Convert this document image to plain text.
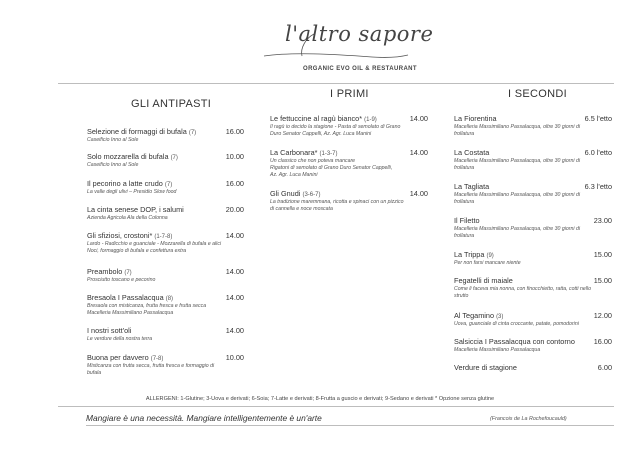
l'altro sapore
ORGANIC EVO OIL & RESTAURANT
GLI ANTIPASTI
I PRIMI	I SECONDI
Selezione di formaggi di bufala (7)	16.00
Caseificio Inno al Sole
Solo mozzarella di bufala (7)	10.00
Caseificio Inno al Sole
Il pecorino a latte crudo (7)	16.00
La valle degli ulivi – Presidio Slow food
La cinta senese DOP, i salumi	20.00
Azienda Agricola Ala della Colonna
Gli sfiziosi, crostoni* (1-7-8)	14.00
Lardo - Radicchio e guanciale - Mozzarella di bufala e alici
Noci, formaggio di bufala e confettura extra
Preambolo (7)	14.00
Prosciutto toscano e pecorino
Bresaola I Passalacqua (8)	14.00
Bresaola con misticanza, frutta fresca e frutta secca
Macelleria Massimiliano Passalacqua
I nostri sott'oli	14.00
Le verdure della nostra terra
Buona per davvero (7-8)	10.00
Misticanza con frutta secca, frutta fresca e formaggio di
bufala
Le fettuccine al ragù bianco* (1-9)	14.00
Il ragù io decido la stagione - Pasta di semolato di Grano
Duro Senator Cappelli, Az. Agr. Luca Manini
La Carbonara* (1-3-7)	14.00
Un classico che non poteva mancare
Rigatoni di semolato di Grano Duro Senator Cappelli,
Az. Agr. Luca Manini
Gli Gnudi (3-6-7)	14.00
La tradizione maremmana, ricotta e spinaci con un pizzico
di cannella e noce moscata
La Fiorentina	6.5 l'etto
Macelleria Massimiliano Passalacqua, oltre 30 giorni di
frollatura
La Costata	6.0 l'etto
Macelleria Massimiliano Passalacqua, oltre 30 giorni di
frollatura
La Tagliata	6.3 l'etto
Macelleria Massimiliano Passalacqua, oltre 30 giorni di
frollatura
Il Filetto	23.00
Macelleria Massimiliano Passalacqua, oltre 30 giorni di
frollatura
La Trippa (9)	15.00
Per non farsi mancare niente
Fegatelli di maiale	15.00
Come li faceva mia nonna, con finocchietto, ratta, cotti nello
strutto
Al Tegamino (3)	12.00
Uova, guanciale di cinta croccante, patate, pomodorini
Salsiccia I Passalacqua con contorno	16.00
Macelleria Massimiliano Passalacqua
Verdure di stagione	6.00
ALLERGENI: 1-Glutine; 3-Uova e derivati; 6-Soia; 7-Latte e derivati; 8-Frutta a guscio e derivati; 9-Sedano e derivati * Opzione senza glutine
Mangiare è una necessità. Mangiare intelligentemente è un'arte	(Francois de La Rochefoucauld)
